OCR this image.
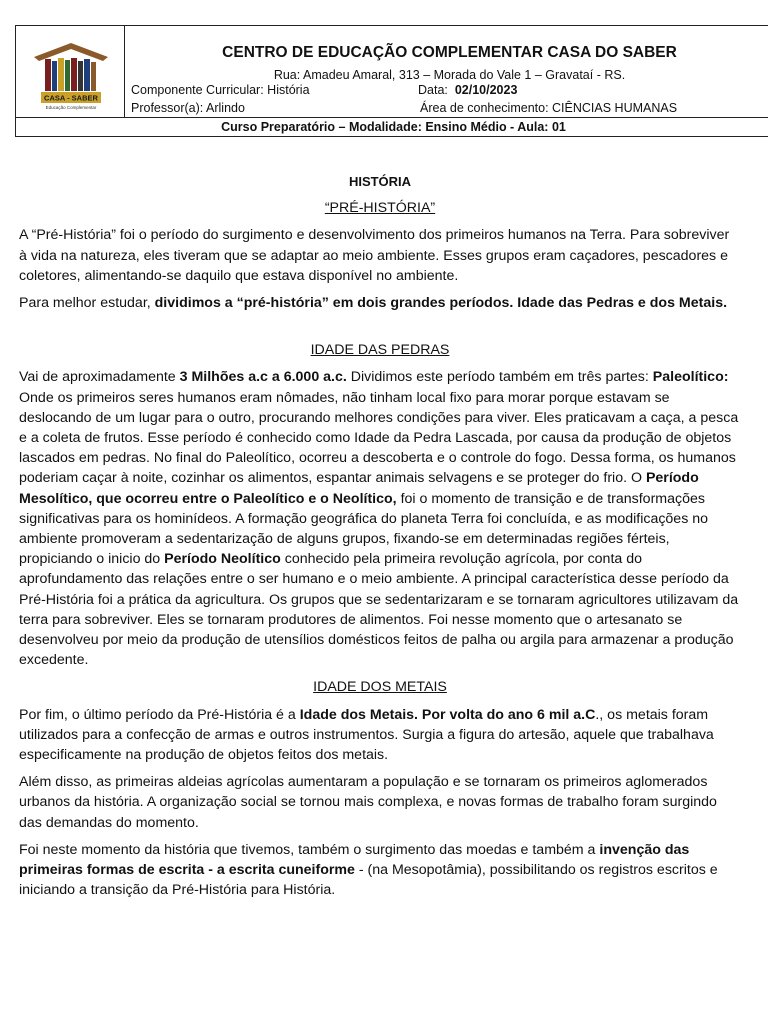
CASA - SABER
Educação Complementar
CENTRO DE EDUCAÇÃO COMPLEMENTAR CASA DO SABER
Rua: Amadeu Amaral, 313 – Morada do Vale 1 – Gravataí - RS.
Componente Curricular: História	Data: 02/10/2023
Professor(a): Arlindo	Área de conhecimento: CIÊNCIAS HUMANAS
Curso Preparatório – Modalidade: Ensino Médio - Aula: 01

HISTÓRIA

“PRÉ-HISTÓRIA”

A “Pré-História” foi o período do surgimento e desenvolvimento dos primeiros humanos na Terra. Para sobreviver à vida na natureza, eles tiveram que se adaptar ao meio ambiente. Esses grupos eram caçadores, pescadores e coletores, alimentando-se daquilo que estava disponível no ambiente.

Para melhor estudar, dividimos a “pré-história” em dois grandes períodos. Idade das Pedras e dos Metais.

IDADE DAS PEDRAS

Vai de aproximadamente 3 Milhões a.c a 6.000 a.c. Dividimos este período também em três partes: Paleolítico: Onde os primeiros seres humanos eram nômades, não tinham local fixo para morar porque estavam se deslocando de um lugar para o outro, procurando melhores condições para viver. Eles praticavam a caça, a pesca e a coleta de frutos. Esse período é conhecido como Idade da Pedra Lascada, por causa da produção de objetos lascados em pedras. No final do Paleolítico, ocorreu a descoberta e o controle do fogo. Dessa forma, os humanos poderiam caçar à noite, cozinhar os alimentos, espantar animais selvagens e se proteger do frio. O Período Mesolítico, que ocorreu entre o Paleolítico e o Neolítico, foi o momento de transição e de transformações significativas para os hominídeos. A formação geográfica do planeta Terra foi concluída, e as modificações no ambiente promoveram a sedentarização de alguns grupos, fixando-se em determinadas regiões férteis, propiciando o inicio do Período Neolítico conhecido pela primeira revolução agrícola, por conta do aprofundamento das relações entre o ser humano e o meio ambiente. A principal característica desse período da Pré-História foi a prática da agricultura. Os grupos que se sedentarizaram e se tornaram agricultores utilizavam da terra para sobreviver. Eles se tornaram produtores de alimentos. Foi nesse momento que o artesanato se desenvolveu por meio da produção de utensílios domésticos feitos de palha ou argila para armazenar a produção excedente.

IDADE DOS METAIS

Por fim, o último período da Pré-História é a Idade dos Metais. Por volta do ano 6 mil a.C., os metais foram utilizados para a confecção de armas e outros instrumentos. Surgia a figura do artesão, aquele que trabalhava especificamente na produção de objetos feitos dos metais.

Além disso, as primeiras aldeias agrícolas aumentaram a população e se tornaram os primeiros aglomerados urbanos da história. A organização social se tornou mais complexa, e novas formas de trabalho foram surgindo das demandas do momento.

Foi neste momento da história que tivemos, também o surgimento das moedas e também a invenção das primeiras formas de escrita - a escrita cuneiforme - (na Mesopotâmia), possibilitando os registros escritos e iniciando a transição da Pré-História para História.
